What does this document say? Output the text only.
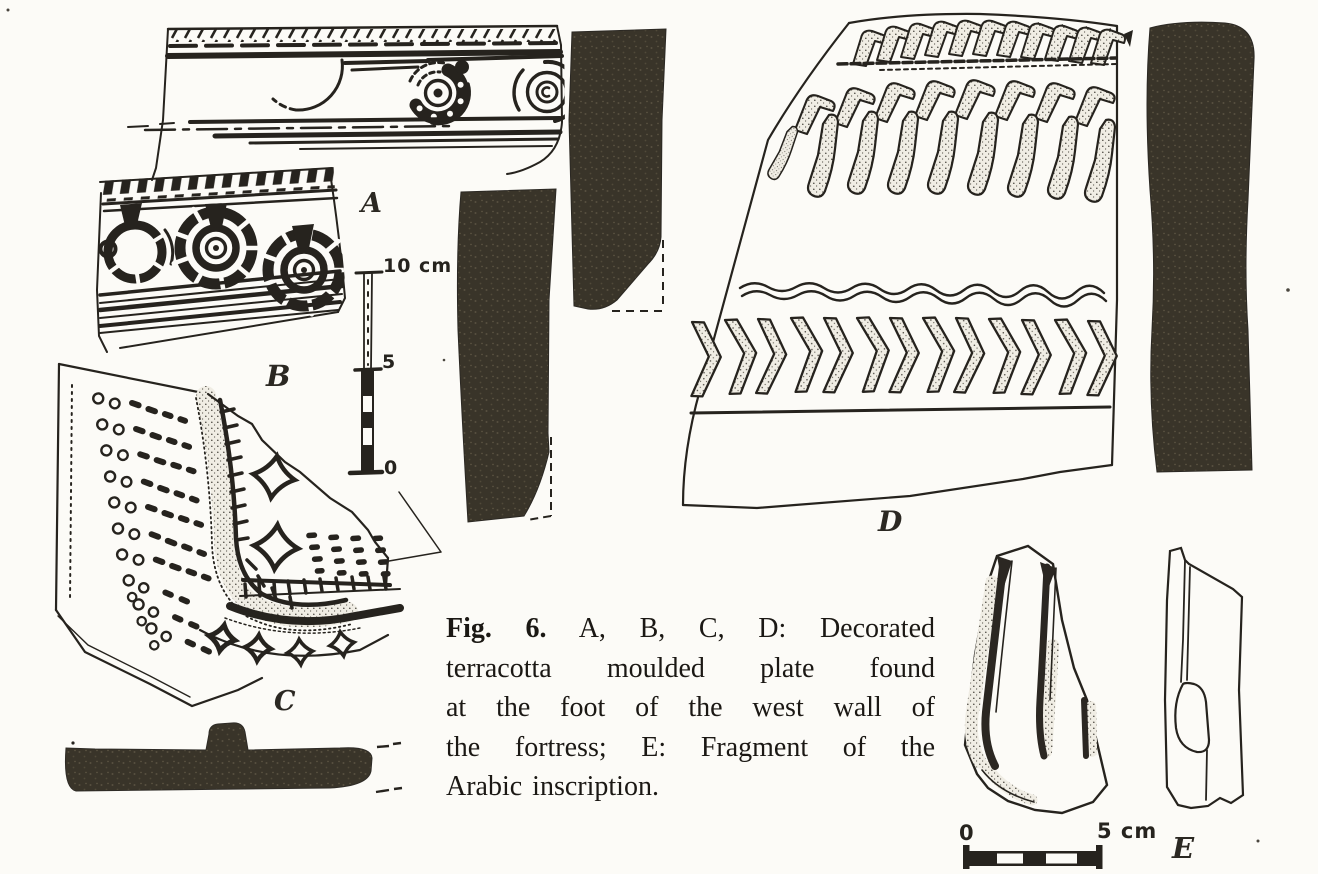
A
B
C
D
E
10 cm
5
0
0	5 cm
Fig. 6. A, B, C, D: Decorated
terracotta moulded plate found
at the foot of the west wall of
the fortress; E: Fragment of the
Arabic inscription.
